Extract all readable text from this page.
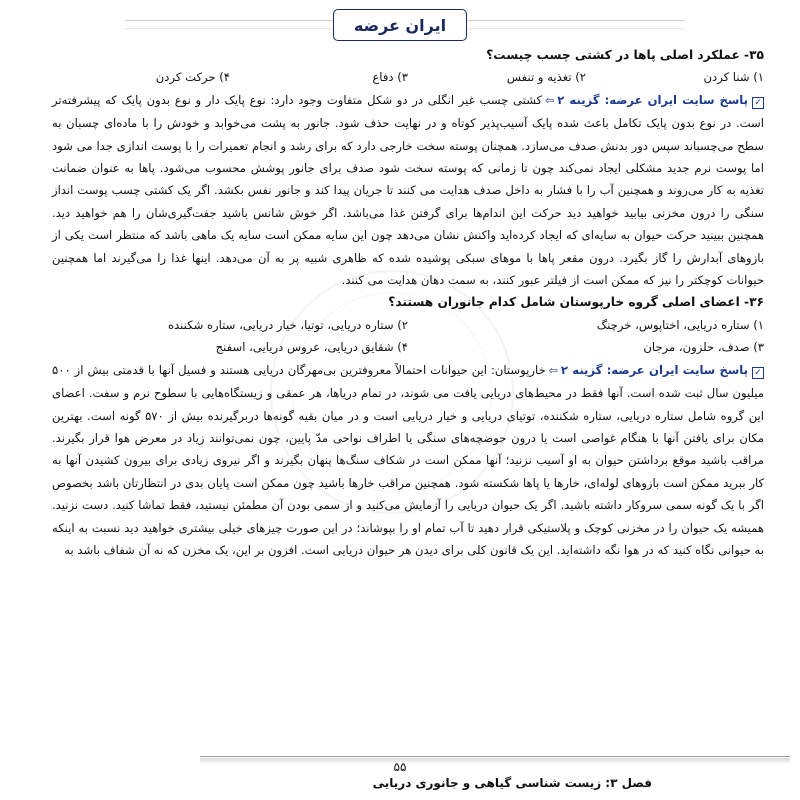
ایران عرضه

۳۵- عملکرد اصلی پاها در کشتی چسب چیست؟

۱) شنا کردن
۲) تغذیه و تنفس
۳) دفاع
۴) حرکت کردن

✓پاسخ سایت ایران عرضه: گزینه ۲⇦کشتی چسب غیر انگلی در دو شکل متفاوت وجود دارد: نوع پایک دار و نوع بدون پایک که پیشرفته‌تر است. در نوع بدون پایک تکامل باعث شده پایک آسیب‌پذیر کوتاه و در نهایت حذف شود. جانور به پشت می‌خوابد و خودش را با ماده‌ای چسبان به سطح می‌چسباند سپس دور بدنش صدف می‌سازد. همچنان پوسته سخت خارجی دارد که برای رشد و انجام تعمیرات را با پوست اندازی جدا می شود اما پوست نرم جدید مشکلی ایجاد نمی‌کند چون تا زمانی که پوسته سخت شود صدف برای جانور پوشش محسوب می‌شود. پاها به عنوان ضمانت تغذیه به کار می‌روند و همچنین آب را با فشار به داخل صدف هدایت می کنند تا جریان پیدا کند و جانور نفس بکشد. اگر یک کشتی چسب پوست انداز سنگی را درون مخزنی بیابید خواهید دید حرکت این اندام‌ها برای گرفتن غذا می‌باشد. اگر خوش شانس باشید جفت‌گیری‌شان را هم خواهید دید. همچنین ببینید حرکت حیوان به سایه‌ای که ایجاد کرده‌اید واکنش نشان می‌دهد چون این سایه ممکن است سایه یک ماهی باشد که منتظر است یکی از بازوهای آبدارش را گاز بگیرد. درون مقعر پاها با موهای سبکی پوشیده شده که ظاهری شبیه پر به آن می‌دهد. اینها غذا را می‌گیرند اما همچنین حیوانات کوچکتر را نیز که ممکن است از فیلتر عبور کنند، به سمت دهان هدایت می کنند.

۳۶- اعضای اصلی گروه خارپوستان شامل کدام جانوران هستند؟

۱) ستاره دریایی، اختاپوس، خرچنگ
۲) ستاره دریایی، توتیا، خیار دریایی، ستاره شکننده
۳) صدف، حلزون، مرجان
۴) شقایق دریایی، عروس دریایی، اسفنج

✓پاسخ سایت ایران عرضه: گزینه ۲⇦خارپوستان: این حیوانات احتمالاً معروفترین بی‌مهرگان دریایی هستند و فسیل آنها با قدمتی بیش از ۵۰۰ میلیون سال ثبت شده است. آنها فقط در محیط‌های دریایی یافت می شوند، در تمام دریاها، هر عمقی و زیستگاه‌هایی با سطوح نرم و سفت. اعضای این گروه شامل ستاره دریایی، ستاره شکننده، توتیای دریایی و خیار دریایی است و در میان بقیه گونه‌ها دربرگیرنده بیش از ۵۷۰ گونه است. بهترین مکان برای یافتن آنها با هنگام غواصی است یا درون حوضچه‌های سنگی یا اطراف نواحی مدّ پایین، چون نمی‌توانند زیاد در معرض هوا قرار بگیرند. مراقب باشید موقع برداشتن حیوان به او آسیب نزنید؛ آنها ممکن است در شکاف سنگ‌ها پنهان بگیرند و اگر نیروی زیادی برای بیرون کشیدن آنها به کار ببرید ممکن است بازوهای لوله‌ای، خارها یا پاها شکسته شود. همچنین مراقب خارها باشید چون ممکن است پایان بدی در انتظارتان باشد بخصوص اگر با یک گونه سمی سروکار داشته باشید. اگر یک حیوان دریایی را آزمایش می‌کنید و از سمی بودن آن مطمئن نیستید، فقط تماشا کنید. دست نزنید. همیشه یک حیوان را در مخزنی کوچک و پلاستیکی قرار دهید تا آب تمام او را بپوشاند؛ در این صورت چیزهای خیلی بیشتری خواهید دید نسبت به اینکه به حیوانی نگاه کنید که در هوا نگه داشته‌اید. این یک قانون کلی برای دیدن هر حیوان دریایی است. افزون بر این، یک مخزن که نه آن شفاف باشد به

۵۵
فصل ۳: زیست شناسی گیاهی و جانوری دریایی
